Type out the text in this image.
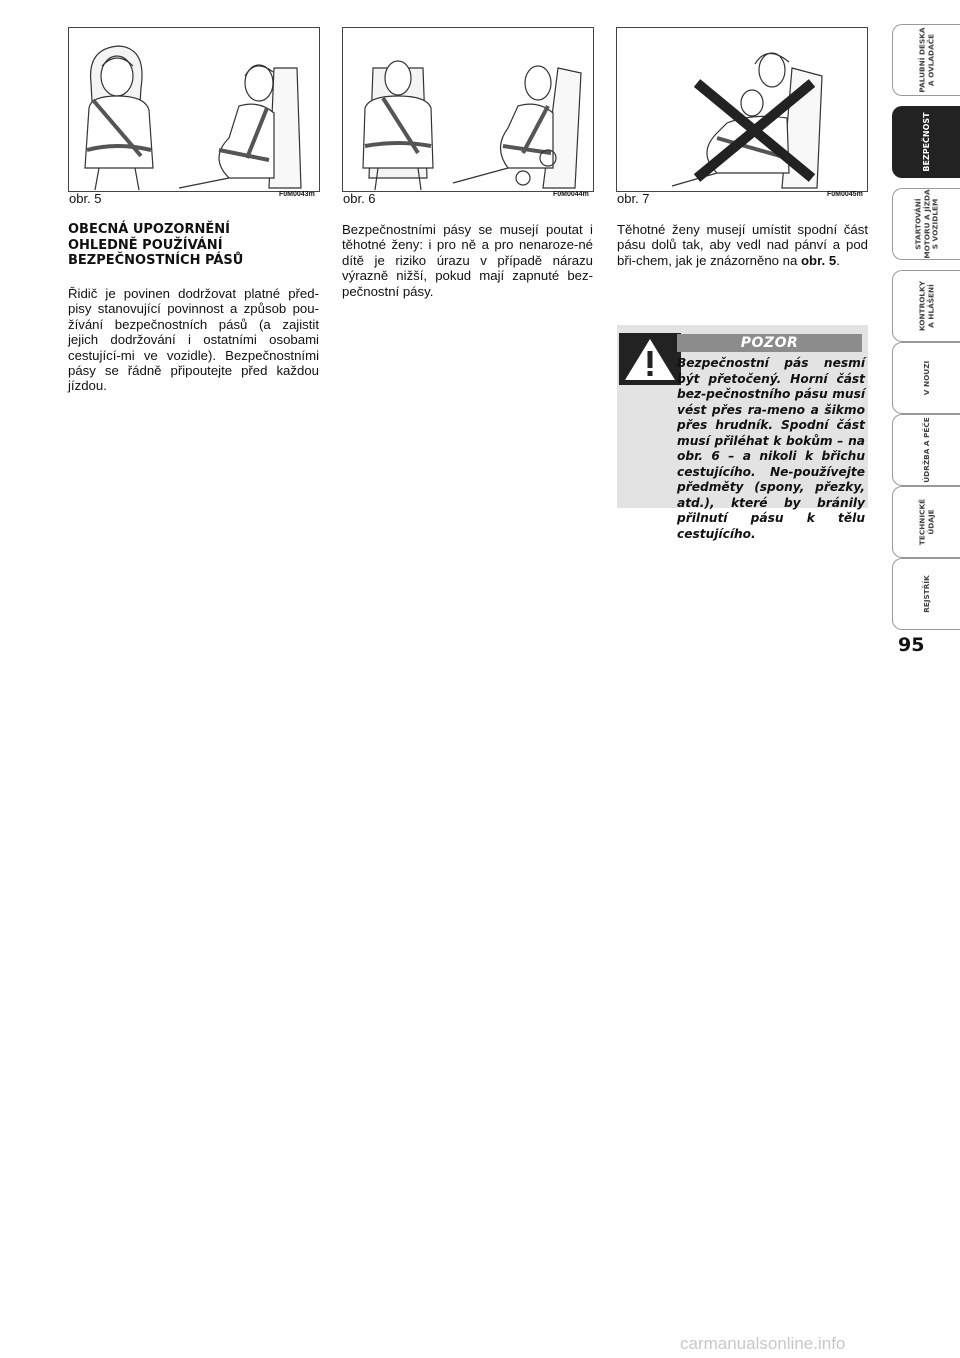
obr. 5	F0M0043m obr. 6	F0M0044m obr. 7	F0M0045m
OBECNÁ UPOZORNĚNÍ
OHLEDNĚ POUŽÍVÁNÍ
BEZPEČNOSTNÍCH PÁSŮ
Řidič je povinen dodržovat platné před-pisy stanovující povinnost a způsob pou-žívání bezpečnostních pásů (a zajistit jejich dodržování i ostatními osobami cestující-mi ve vozidle). Bezpečnostními pásy se řádně připoutejte před každou jízdou.
Bezpečnostními pásy se musejí poutat i těhotné ženy: i pro ně a pro nenaroze-né dítě je riziko úrazu v případě nárazu výrazně nižší, pokud mají zapnuté bez-pečnostní pásy.
Těhotné ženy musejí umístit spodní část pásu dolů tak, aby vedl nad pánví a pod bři-chem, jak je znázorněno na obr. 5.
POZOR
Bezpečnostní pás nesmí být přetočený. Horní část bez-pečnostního pásu musí vést přes ra-meno a šikmo přes hrudník. Spodní část musí přiléhat k bokům – na obr. 6 – a nikoli k břichu cestujícího. Ne-používejte předměty (spony, přezky, atd.), které by bránily přilnutí pásu k tělu cestujícího.
PALUBNÍ DESKA
A OVLADAČE
BEZPEČNOST
STARTOVÁNÍ
MOTORU A JÍZDA
S VOZIDLEM
KONTROLKY
A HLÁŠENÍ
V NOUZI
ÚDRŽBA A PÉČE
TECHNICKÉ
ÚDAJE
REJSTŘÍK
95
carmanualsonline.info
